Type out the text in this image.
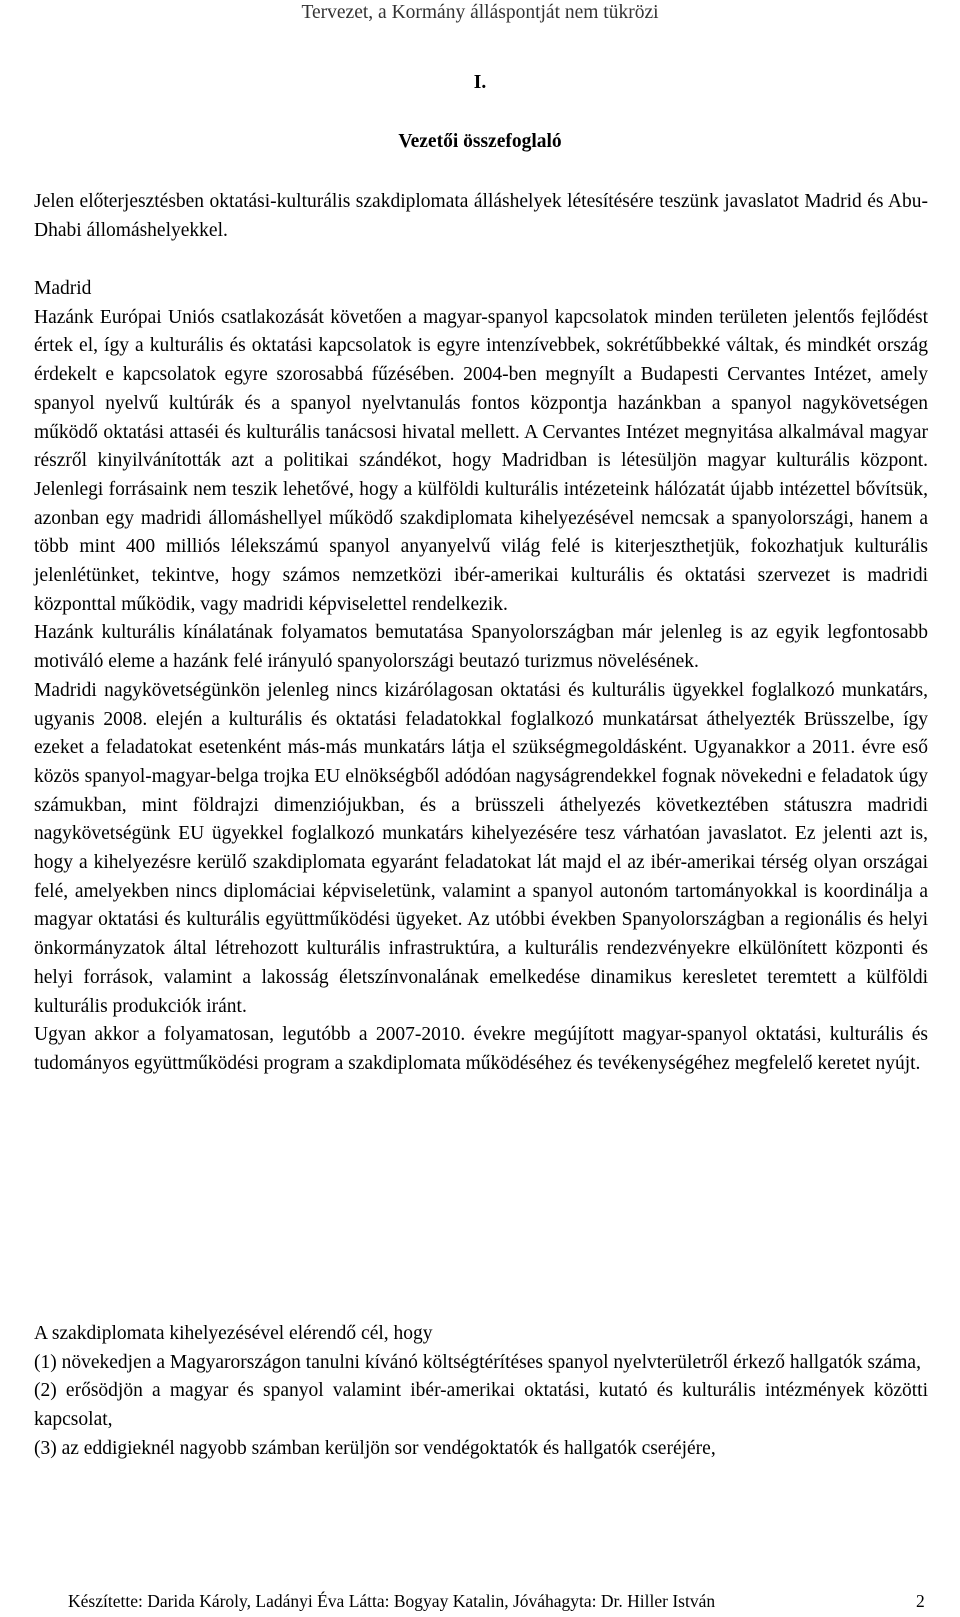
Tervezet, a Kormány álláspontját nem tükrözi
I.
Vezetői összefoglaló

Jelen előterjesztésben oktatási-kulturális szakdiplomata álláshelyek létesítésére teszünk javaslatot Madrid és Abu- Dhabi állomáshelyekkel.

Madrid

Hazánk Európai Uniós csatlakozását követően a magyar-spanyol kapcsolatok minden területen jelentős fejlődést értek el, így a kulturális és oktatási kapcsolatok is egyre intenzívebbek, sokrétűbbekké váltak, és mindkét ország érdekelt e kapcsolatok egyre szorosabbá fűzésében. 2004-ben megnyílt a Budapesti Cervantes Intézet, amely spanyol nyelvű kultúrák és a spanyol nyelvtanulás fontos központja hazánkban a spanyol nagykövetségen működő oktatási attaséi és kulturális tanácsosi hivatal mellett. A Cervantes Intézet megnyitása alkalmával magyar részről kinyilvánították azt a politikai szándékot, hogy Madridban is létesüljön magyar kulturális központ. Jelenlegi forrásaink nem teszik lehetővé, hogy a külföldi kulturális intézeteink hálózatát újabb intézettel bővítsük, azonban egy madridi állomáshellyel működő szakdiplomata kihelyezésével nemcsak a spanyolországi, hanem a több mint 400 milliós lélekszámú spanyol anyanyelvű világ felé is kiterjeszthetjük, fokozhatjuk kulturális jelenlétünket, tekintve, hogy számos nemzetközi ibér-amerikai kulturális és oktatási szervezet is madridi központtal működik, vagy madridi képviselettel rendelkezik.

Hazánk kulturális kínálatának folyamatos bemutatása Spanyolországban már jelenleg is az egyik legfontosabb motiváló eleme a hazánk felé irányuló spanyolországi beutazó turizmus növelésének.

Madridi nagykövetségünkön jelenleg nincs kizárólagosan oktatási és kulturális ügyekkel foglalkozó munkatárs, ugyanis 2008. elején a kulturális és oktatási feladatokkal foglalkozó munkatársat áthelyezték Brüsszelbe, így ezeket a feladatokat esetenként más-más munkatárs látja el szükségmegoldásként. Ugyanakkor a 2011. évre eső közös spanyol-magyar-belga trojka EU elnökségből adódóan nagyságrendekkel fognak növekedni e feladatok úgy számukban, mint földrajzi dimenziójukban, és a brüsszeli áthelyezés következtében státuszra madridi nagykövetségünk EU ügyekkel foglalkozó munkatárs kihelyezésére tesz várhatóan javaslatot. Ez jelenti azt is, hogy a kihelyezésre kerülő szakdiplomata egyaránt feladatokat lát majd el az ibér-amerikai térség olyan országai felé, amelyekben nincs diplomáciai képviseletünk, valamint a spanyol autonóm tartományokkal is koordinálja a magyar oktatási és kulturális együttműködési ügyeket. Az utóbbi években Spanyolországban a regionális és helyi önkormányzatok által létrehozott kulturális infrastruktúra, a kulturális rendezvényekre elkülönített központi és helyi források, valamint a lakosság életszínvonalának emelkedése dinamikus keresletet teremtett a külföldi kulturális produkciók iránt.

Ugyan akkor a folyamatosan, legutóbb a 2007-2010. évekre megújított magyar-spanyol oktatási, kulturális és tudományos együttműködési program a szakdiplomata működéséhez és tevékenységéhez megfelelő keretet nyújt.

A szakdiplomata kihelyezésével elérendő cél, hogy

(1) növekedjen a Magyarországon tanulni kívánó költségtérítéses spanyol nyelvterületről érkező hallgatók száma,

(2) erősödjön a magyar és spanyol valamint ibér-amerikai oktatási, kutató és kulturális intézmények közötti kapcsolat,

(3) az eddigieknél nagyobb számban kerüljön sor vendégoktatók és hallgatók cseréjére,

Készítette: Darida Károly, Ladányi Éva Látta: Bogyay Katalin, Jóváhagyta: Dr. Hiller István	2
